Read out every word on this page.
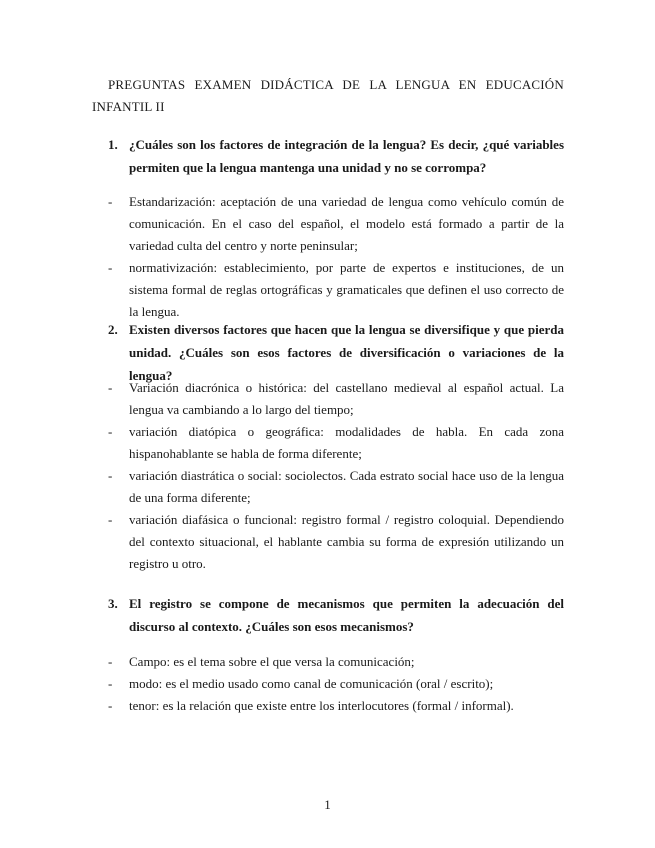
PREGUNTAS EXAMEN DIDÁCTICA DE LA LENGUA EN EDUCACIÓN INFANTIL II
1. ¿Cuáles son los factores de integración de la lengua? Es decir, ¿qué variables permiten que la lengua mantenga una unidad y no se corrompa?
- Estandarización: aceptación de una variedad de lengua como vehículo común de comunicación. En el caso del español, el modelo está formado a partir de la variedad culta del centro y norte peninsular;
- normativización: establecimiento, por parte de expertos e instituciones, de un sistema formal de reglas ortográficas y gramaticales que definen el uso correcto de la lengua.
2. Existen diversos factores que hacen que la lengua se diversifique y que pierda unidad. ¿Cuáles son esos factores de diversificación o variaciones de la lengua?
- Variación diacrónica o histórica: del castellano medieval al español actual. La lengua va cambiando a lo largo del tiempo;
- variación diatópica o geográfica: modalidades de habla. En cada zona hispanohablante se habla de forma diferente;
- variación diastrática o social: sociolectos. Cada estrato social hace uso de la lengua de una forma diferente;
- variación diafásica o funcional: registro formal / registro coloquial. Dependiendo del contexto situacional, el hablante cambia su forma de expresión utilizando un registro u otro.
3. El registro se compone de mecanismos que permiten la adecuación del discurso al contexto. ¿Cuáles son esos mecanismos?
- Campo: es el tema sobre el que versa la comunicación;
- modo: es el medio usado como canal de comunicación (oral / escrito);
- tenor: es la relación que existe entre los interlocutores (formal / informal).
1
